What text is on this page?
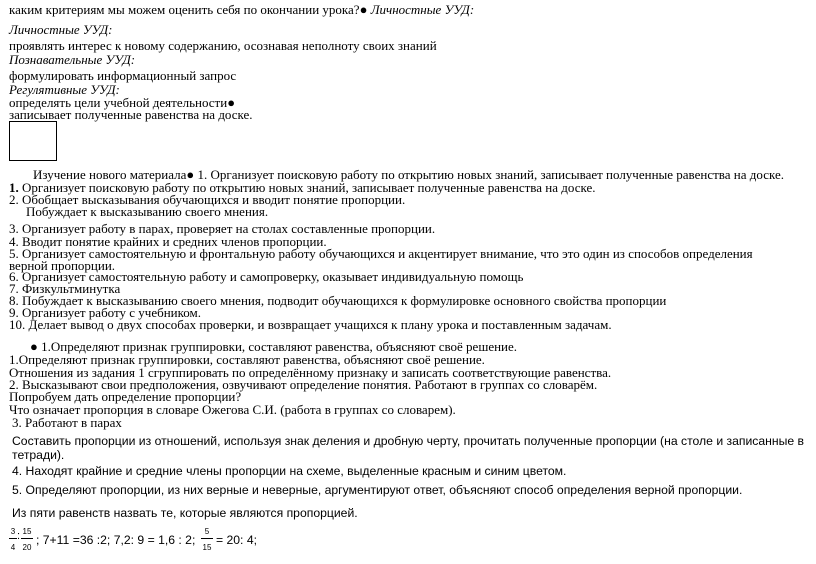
каким критериям мы можем оценить себя по окончании урока?● Личностные УУД:
Личностные УУД:
проявлять интерес к новому содержанию, осознавая неполноту своих знаний
Познавательные УУД:
формулировать информационный запрос
Регулятивные УУД:
определять цели учебной деятельности●
записывает полученные равенства на доске.
Изучение нового материала● 1. Организует поисковую работу по открытию новых знаний, записывает полученные равенства на доске.
1. Организует поисковую работу по открытию новых знаний, записывает полученные равенства на доске.
2. Обобщает высказывания обучающихся и вводит понятие пропорции.
Побуждает к высказыванию своего мнения.
3. Организует работу в парах, проверяет на столах составленные пропорции.
4. Вводит понятие крайних и средних членов пропорции.
5. Организует самостоятельную и фронтальную работу обучающихся и акцентирует внимание, что это один из способов определения
верной пропорции.
6. Организует самостоятельную работу и самопроверку, оказывает индивидуальную помощь
7. Физкультминутка
8. Побуждает к высказыванию своего мнения, подводит обучающихся к формулировке основного свойства пропорции
9. Организует работу с учебником.
10. Делает вывод о двух способах проверки, и возвращает учащихся к плану урока и поставленным задачам.
● 1.Определяют признак группировки, составляют равенства, объясняют своё решение.
1.Определяют признак группировки, составляют равенства, объясняют своё решение.
Отношения из задания 1 сгруппировать по определённому признаку и записать соответствующие равенства.
2. Высказывают свои предположения, озвучивают определение понятия. Работают в группах со словарём.
Попробуем дать определение пропорции?
Что означает пропорция в словаре Ожегова С.И. (работа в группах со словарем).
3. Работают в парах
Составить пропорции из отношений, используя знак деления и дробную черту, прочитать полученные пропорции (на столе и записанные в
тетради).
4. Находят крайние и средние члены пропорции на схеме, выделенные красным и синим цветом.
5. Определяют пропорции, из них верные и неверные, аргументируют ответ, объясняют способ определения верной пропорции.
Из пяти равенств назвать те, которые являются пропорцией.
3
4
15
20
: ; 7+11 =36 :2; 7,2: 9 = 1,6 : 2;
5
15
= 20: 4;
